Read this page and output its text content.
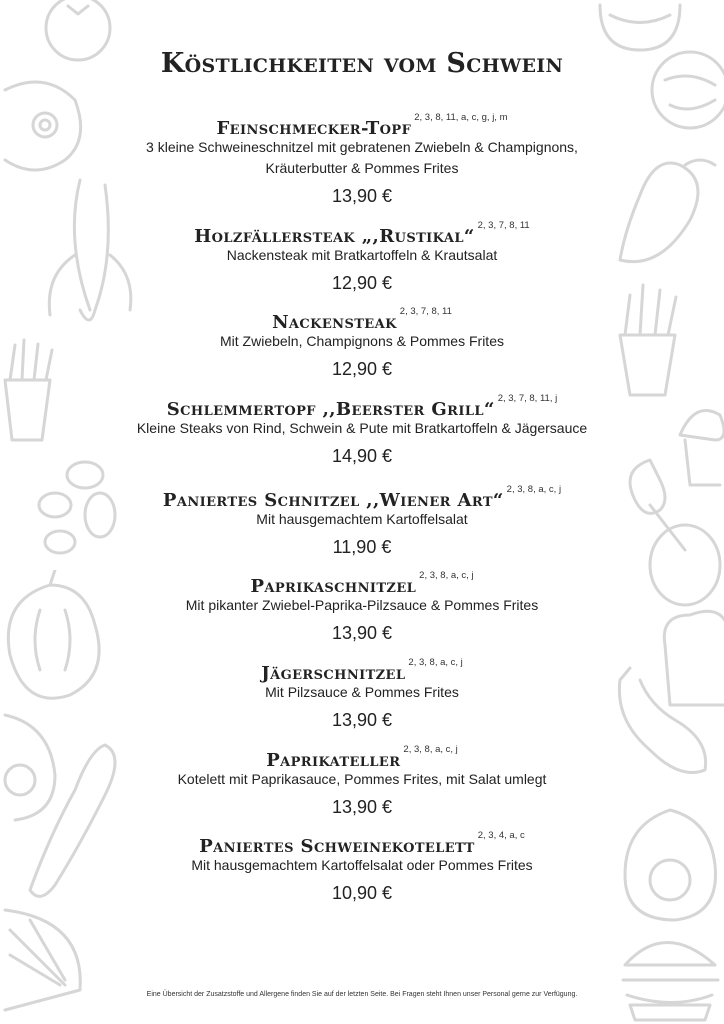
Köstlichkeiten vom Schwein
Feinschmecker-Topf$^{2, 3, 8, 11, a, c, g, j, m}$
3 kleine Schweineschnitzel mit gebratenen Zwiebeln & Champignons,
Kräuterbutter & Pommes Frites
13,90 €
Holzfällersteak „,Rustikal“$^{2, 3, 7, 8, 11}$
Nackensteak mit Bratkartoffeln & Krautsalat
12,90 €
Nackensteak$^{2, 3, 7, 8, 11}$
Mit Zwiebeln, Champignons & Pommes Frites
12,90 €
Schlemmertopf ,,Beerster Grill“$^{2, 3, 7, 8, 11, j}$
Kleine Steaks von Rind, Schwein & Pute mit Bratkartoffeln & Jägersauce
14,90 €
Paniertes Schnitzel ,,Wiener Art“$^{2, 3, 8, a, c, j}$
Mit hausgemachtem Kartoffelsalat
11,90 €
Paprikaschnitzel$^{2, 3, 8, a, c, j}$
Mit pikanter Zwiebel-Paprika-Pilzsauce & Pommes Frites
13,90 €
Jägerschnitzel$^{2, 3, 8, a, c, j}$
Mit Pilzsauce & Pommes Frites
13,90 €
Paprikateller$^{2, 3, 8, a, c, j}$
Kotelett mit Paprikasauce, Pommes Frites, mit Salat umlegt
13,90 €
Paniertes Schweinekotelett$^{2, 3, 4, a, c}$
Mit hausgemachtem Kartoffelsalat oder Pommes Frites
10,90 €
Eine Übersicht der Zusatzstoffe und Allergene finden Sie auf der letzten Seite. Bei Fragen steht Ihnen unser Personal gerne zur Verfügung.
